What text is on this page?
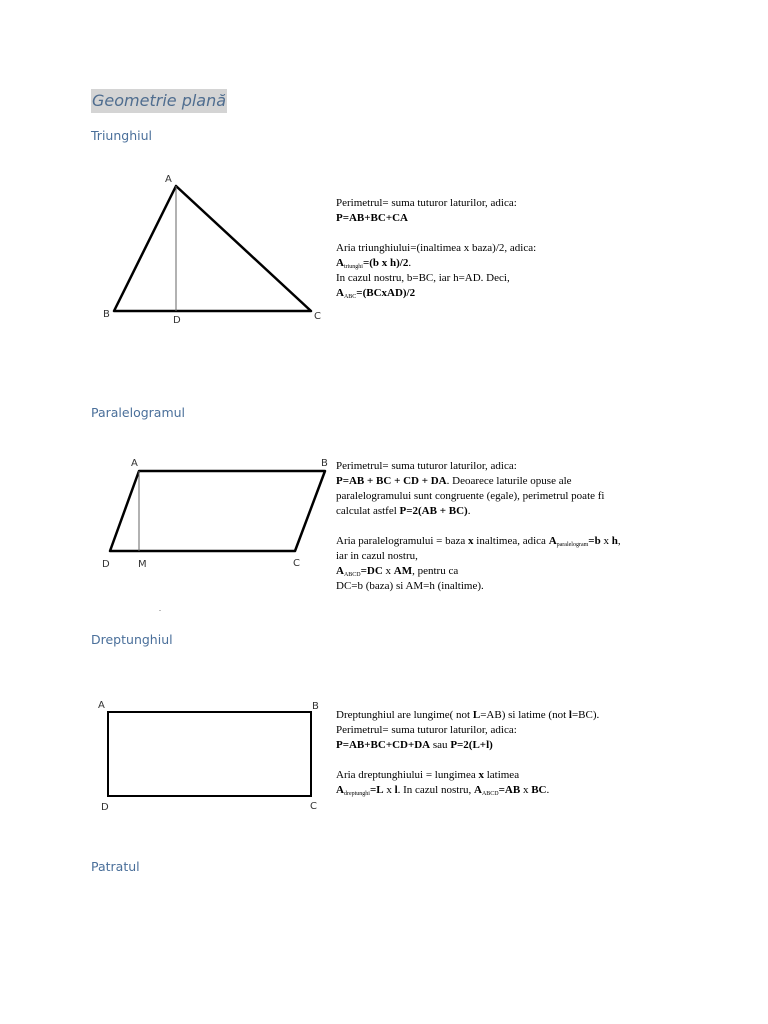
Geometrie plană
Triunghiul
A
B	C
D

Perimetrul= suma tuturor laturilor, adica:

P=AB+BC+CA

Aria triunghiului=(inaltimea x baza)/2, adica:

$A_{triunghi}=(b$ x h)/2.

In cazul nostru, b=BC, iar h=AD. Deci,

$A_{ABC}=(BCxAD)/2$

Paralelogramul
A	B
C
D	M

Perimetrul= suma tuturor laturilor, adica:

P=AB + BC + CD + DA. Deoarece laturile opuse ale

paralelogramului sunt congruente (egale), perimetrul poate fi

calculat astfel P=2(AB + BC).

Aria paralelogramului = baza x inaltimea, adica $A_{paralelogram}=b$ x h,

iar in cazul nostru,

$A_{ABCD}=DC$ x AM, pentru ca

DC=b (baza) si AM=h (inaltime).

.
Dreptunghiul
A	B
C
D

Dreptunghiul are lungime( not L=AB) si latime (not l=BC).

Perimetrul= suma tuturor laturilor, adica:

P=AB+BC+CD+DA sau P=2(L+l)

Aria dreptunghiului = lungimea x latimea

$A_{dreptunghi}=L$ x l. In cazul nostru, $A_{ABCD}=AB$ x BC.

Patratul
